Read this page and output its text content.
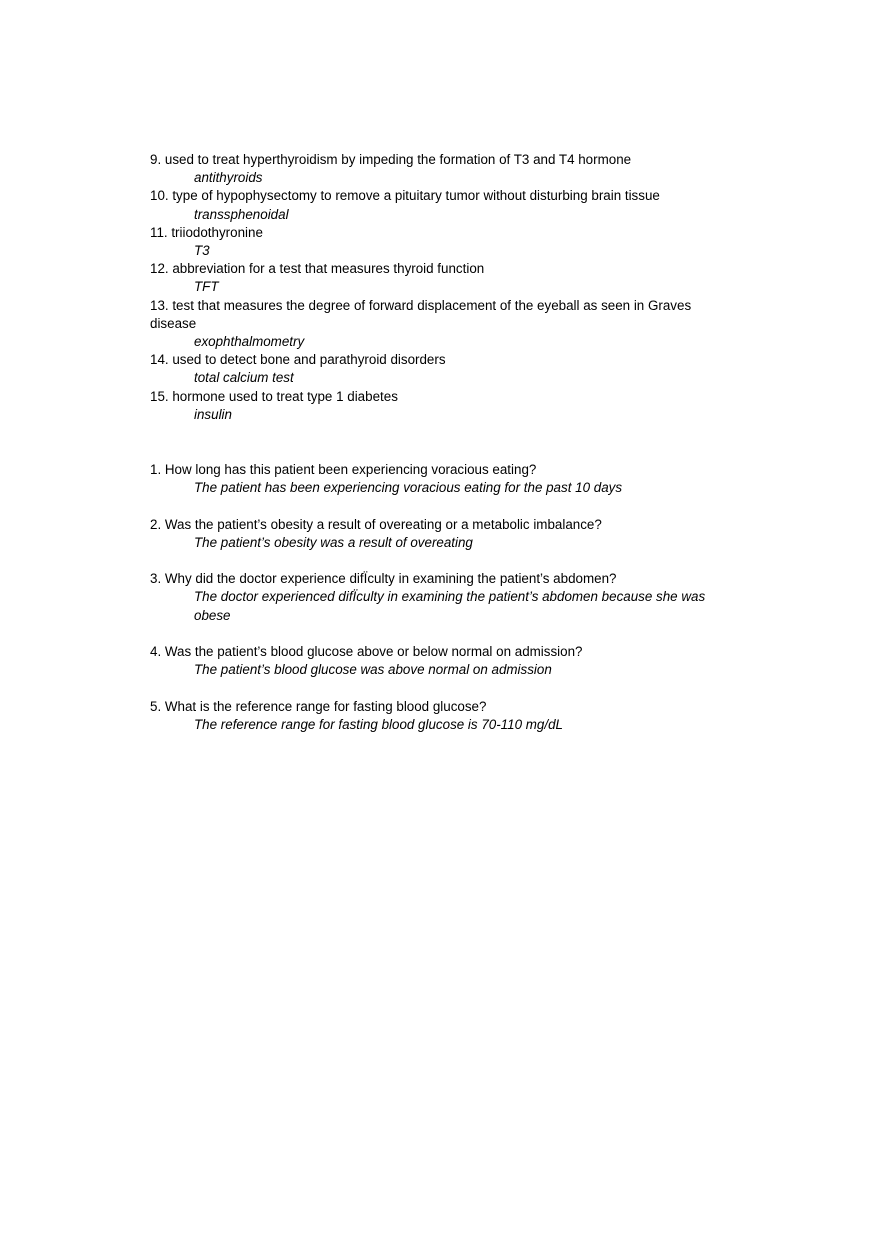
9. used to treat hyperthyroidism by impeding the formation of T3 and T4 hormone

antithyroids

10. type of hypophysectomy to remove a pituitary tumor without disturbing brain tissue

transsphenoidal

11. triiodothyronine

T3

12. abbreviation for a test that measures thyroid function

TFT

13. test that measures the degree of forward displacement of the eyeball as seen in Graves disease

exophthalmometry

14. used to detect bone and parathyroid disorders

total calcium test

15. hormone used to treat type 1 diabetes

insulin

1. How long has this patient been experiencing voracious eating?

The patient has been experiencing voracious eating for the past 10 days

2. Was the patient’s obesity a result of overeating or a metabolic imbalance?

The patient’s obesity was a result of overeating

3. Why did the doctor experience difÏculty in examining the patient’s abdomen?

The doctor experienced difÏculty in examining the patient’s abdomen because she was obese

4. Was the patient’s blood glucose above or below normal on admission?

The patient’s blood glucose was above normal on admission

5. What is the reference range for fasting blood glucose?

The reference range for fasting blood glucose is 70-110 mg/dL
